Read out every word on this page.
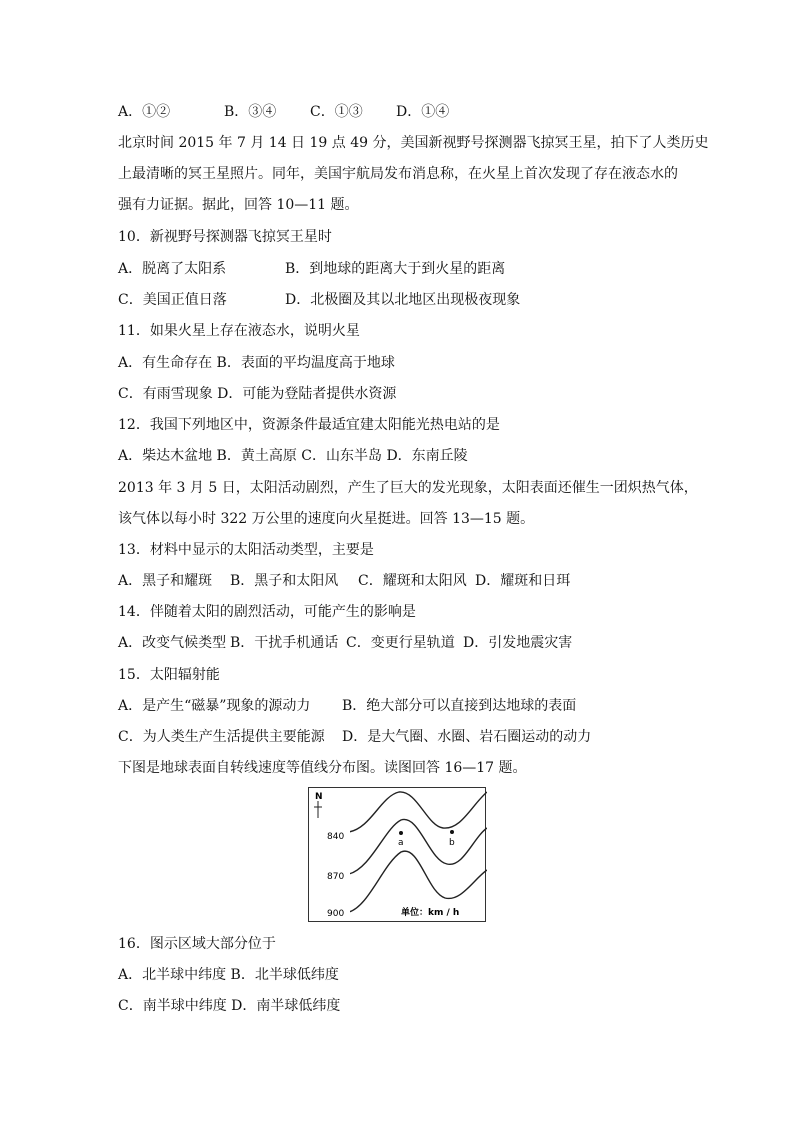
A．①②	B．③④ C．①③ D．①④
北京时间 2015 年 7 月 14 日 19 点 49 分，美国新视野号探测器飞掠冥王星，拍下了人类历史
上最清晰的冥王星照片。同年，美国宇航局发布消息称，在火星上首次发现了存在液态水的
强有力证据。据此，回答 10—11 题。
10．新视野号探测器飞掠冥王星时
A．脱离了太阳系	B．到地球的距离大于到火星的距离
C．美国正值日落	D．北极圈及其以北地区出现极夜现象
11．如果火星上存在液态水，说明火星
A．有生命存在 B．表面的平均温度高于地球
C．有雨雪现象 D．可能为登陆者提供水资源
12．我国下列地区中，资源条件最适宜建太阳能光热电站的是
A．柴达木盆地 B．黄土高原 C．山东半岛 D．东南丘陵
2013 年 3 月 5 日，太阳活动剧烈，产生了巨大的发光现象，太阳表面还催生一团炽热气体，
该气体以每小时 322 万公里的速度向火星挺进。回答 13—15 题。
13．材料中显示的太阳活动类型，主要是
A．黑子和耀斑 B．黑子和太阳风 C．耀斑和太阳风 D．耀斑和日珥
14．伴随着太阳的剧烈活动，可能产生的影响是
A．改变气候类型 B．干扰手机通话 C．变更行星轨道 D．引发地震灾害
15．太阳辐射能
A．是产生“磁暴”现象的源动力 B．绝大部分可以直接到达地球的表面
C．为人类生产生活提供主要能源 D．是大气圈、水圈、岩石圈运动的动力
下图是地球表面自转线速度等值线分布图。读图回答 16—17 题。
N
840
870
900
a	b
单位：km / h
16．图示区域大部分位于
A．北半球中纬度 B．北半球低纬度
C．南半球中纬度 D．南半球低纬度
